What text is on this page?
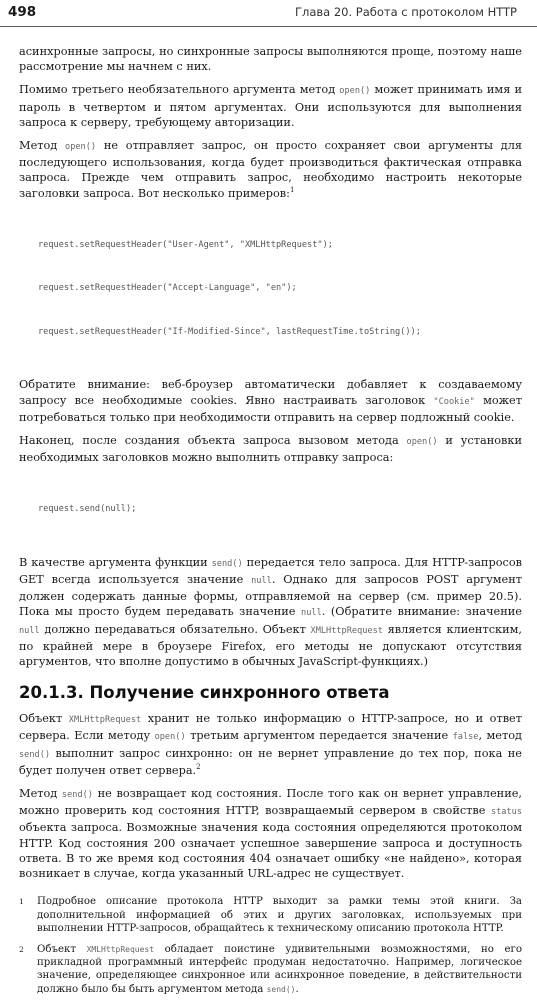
498	Глава 20. Работа с протоколом HTTP

асинхронные запросы, но синхронные запросы выполняются проще, поэтому наше рассмотрение мы начнем с них.

Помимо третьего необязательного аргумента метод open() может принимать имя и пароль в четвертом и пятом аргументах. Они используются для выполнения запроса к серверу, требующему авторизации.

Метод open() не отправляет запрос, он просто сохраняет свои аргументы для последующего использования, когда будет производиться фактическая отправка запроса. Прежде чем отправить запрос, необходимо настроить некоторые заголовки запроса. Вот несколько примеров:$^1$

request.setRequestHeader("User-Agent", "XMLHttpRequest");

request.setRequestHeader("Accept-Language", "en");

request.setRequestHeader("If-Modified-Since", lastRequestTime.toString());

Обратите внимание: веб-броузер автоматически добавляет к создаваемому запросу все необходимые cookies. Явно настраивать заголовок "Cookie" может потребоваться только при необходимости отправить на сервер подложный cookie.

Наконец, после создания объекта запроса вызовом метода open() и установки необходимых заголовков можно выполнить отправку запроса:

request.send(null);

В качестве аргумента функции send() передается тело запроса. Для HTTP-запросов GET всегда используется значение null. Однако для запросов POST аргумент должен содержать данные формы, отправляемой на сервер (см. пример 20.5). Пока мы просто будем передавать значение null. (Обратите внимание: значение null должно передаваться обязательно. Объект XMLHttpRequest является клиентским, по крайней мере в броузере Firefox, его методы не допускают отсутствия аргументов, что вполне допустимо в обычных JavaScript-функциях.)

20.1.3. Получение синхронного ответа

Объект XMLHttpRequest хранит не только информацию о HTTP-запросе, но и ответ сервера. Если методу open() третьим аргументом передается значение false, метод send() выполнит запрос синхронно: он не вернет управление до тех пор, пока не будет получен ответ сервера.$^2$

Метод send() не возвращает код состояния. После того как он вернет управление, можно проверить код состояния HTTP, возвращаемый сервером в свойстве status объекта запроса. Возможные значения кода состояния определяются протоколом HTTP. Код состояния 200 означает успешное завершение запроса и доступность ответа. В то же время код состояния 404 означает ошибку «не найдено», которая возникает в случае, когда указанный URL-адрес не существует.

1 Подробное описание протокола HTTP выходит за рамки темы этой книги. За дополнительной информацией об этих и других заголовках, используемых при выполнении HTTP-запросов, обращайтесь к техническому описанию протокола HTTP.
2 Объект XMLHttpRequest обладает поистине удивительными возможностями, но его прикладной программный интерфейс продуман недостаточно. Например, логическое значение, определяющее синхронное или асинхронное поведение, в действительности должно было бы быть аргументом метода send().
